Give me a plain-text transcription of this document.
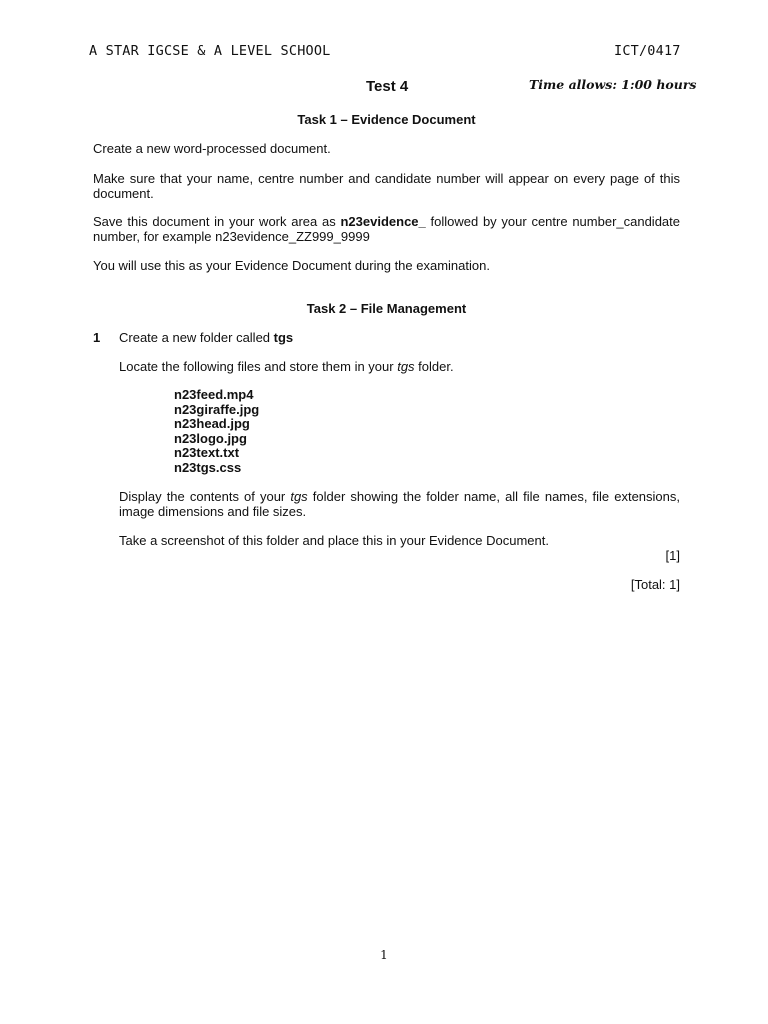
A STAR IGCSE & A LEVEL SCHOOL	ICT/0417
Test 4	Time allows: 1:00 hours
Task 1 – Evidence Document
Create a new word-processed document.
Make sure that your name, centre number and candidate number will appear on every page of this document.
Save this document in your work area as n23evidence_ followed by your centre number_candidate number, for example n23evidence_ZZ999_9999
You will use this as your Evidence Document during the examination.
Task 2 – File Management
1 Create a new folder called tgs
Locate the following files and store them in your tgs folder.
n23feed.mp4
n23giraffe.jpg
n23head.jpg
n23logo.jpg
n23text.txt
n23tgs.css
Display the contents of your tgs folder showing the folder name, all file names, file extensions, image dimensions and file sizes.
Take a screenshot of this folder and place this in your Evidence Document.
[1]
[Total: 1]
1
